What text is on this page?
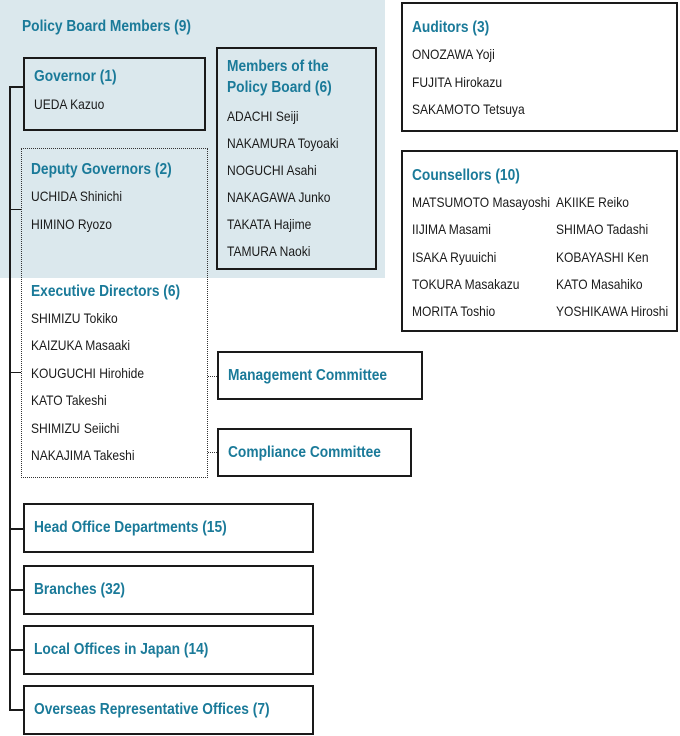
Policy Board Members (9)
Governor (1)
UEDA Kazuo
Members of the
Policy Board (6)
ADACHI Seiji
NAKAMURA Toyoaki
NOGUCHI Asahi
NAKAGAWA Junko
TAKATA Hajime
TAMURA Naoki
Deputy Governors (2)
UCHIDA Shinichi
HIMINO Ryozo
Executive Directors (6)
SHIMIZU Tokiko
KAIZUKA Masaaki
KOUGUCHI Hirohide
KATO Takeshi
SHIMIZU Seiichi
NAKAJIMA Takeshi
Management Committee
Compliance Committee
Head Office Departments (15)
Branches (32)
Local Offices in Japan (14)
Overseas Representative Offices (7)
Auditors (3)
ONOZAWA Yoji
FUJITA Hirokazu
SAKAMOTO Tetsuya
Counsellors (10)
MATSUMOTO Masayoshi
IIJIMA Masami
ISAKA Ryuuichi
TOKURA Masakazu
MORITA Toshio
AKIIKE Reiko
SHIMAO Tadashi
KOBAYASHI Ken
KATO Masahiko
YOSHIKAWA Hiroshi
